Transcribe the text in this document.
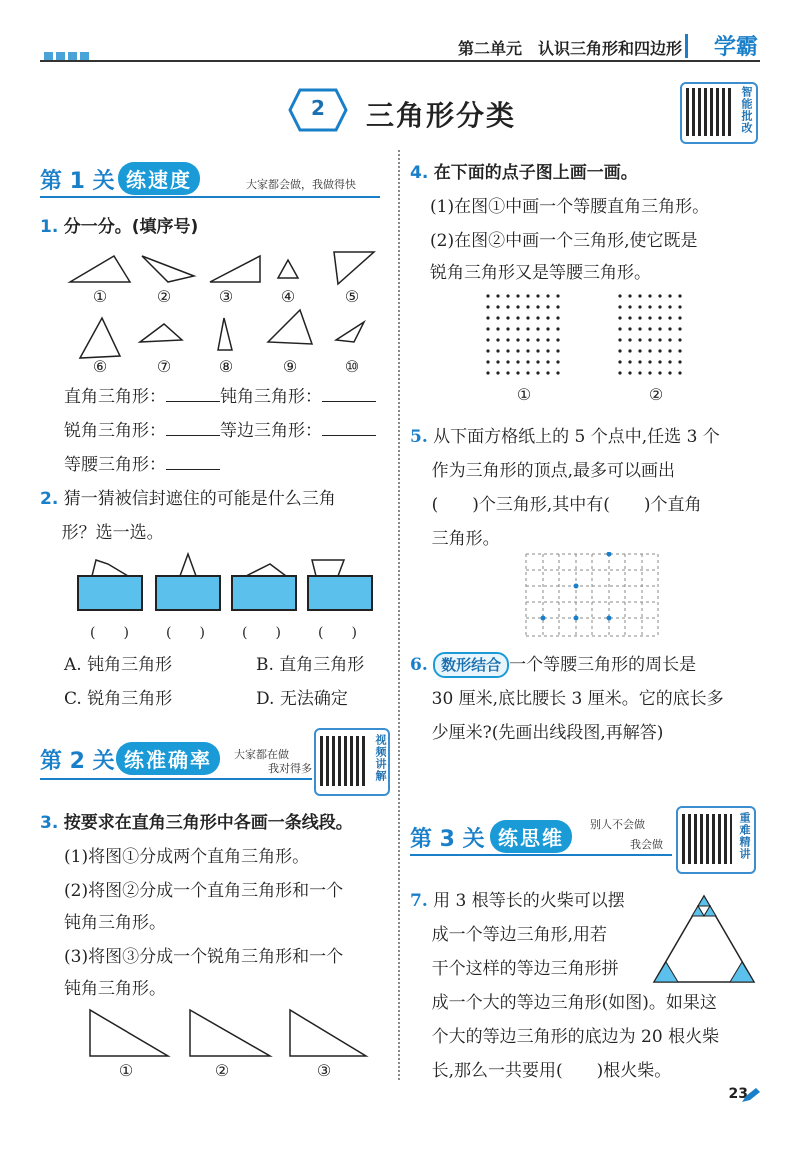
第二单元　认识三角形和四边形 学霸
2	三角形分类	智能批改
第 1 关 练速度	大家都会做，我做得快
1. 分一分。(填序号)
①	②	③	④	⑤
⑥	⑦	⑧	⑨	⑩
直角三角形：	钝角三角形：
锐角三角形：	等边三角形：
等腰三角形：
2. 猜一猜被信封遮住的可能是什么三角
形？选一选。
(　　)	(　　)	(　　)	(　　)
A. 钝角三角形	B. 直角三角形
C. 锐角三角形	D. 无法确定
第 2 关 练准确率	大家都在做
我对得多	视频讲解
3. 按要求在直角三角形中各画一条线段。
(1)将图①分成两个直角三角形。
(2)将图②分成一个直角三角形和一个
钝角三角形。
(3)将图③分成一个锐角三角形和一个
钝角三角形。
①	②	③
4. 在下面的点子图上画一画。
(1)在图①中画一个等腰直角三角形。
(2)在图②中画一个三角形,使它既是
锐角三角形又是等腰三角形。
①	②
5. 从下面方格纸上的 5 个点中,任选 3 个
作为三角形的顶点,最多可以画出
(　　)个三角形,其中有(　　)个直角
三角形。
6. 数形结合 一个等腰三角形的周长是
30 厘米,底比腰长 3 厘米。它的底长多
少厘米?(先画出线段图,再解答)
第 3 关 练思维
别人不会做
我会做	重难精讲
7. 用 3 根等长的火柴可以摆
成一个等边三角形,用若
干个这样的等边三角形拼
成一个大的等边三角形(如图)。如果这
个大的等边三角形的底边为 20 根火柴
长,那么一共要用(　　)根火柴。
23
